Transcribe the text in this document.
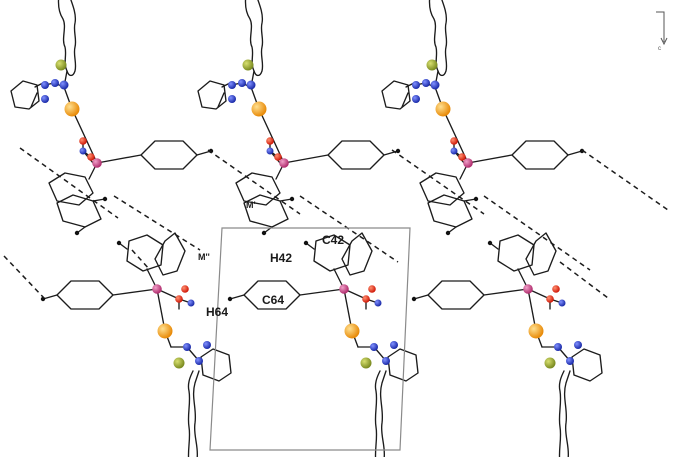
C42
H42
C64
H64
M'
M''
c
